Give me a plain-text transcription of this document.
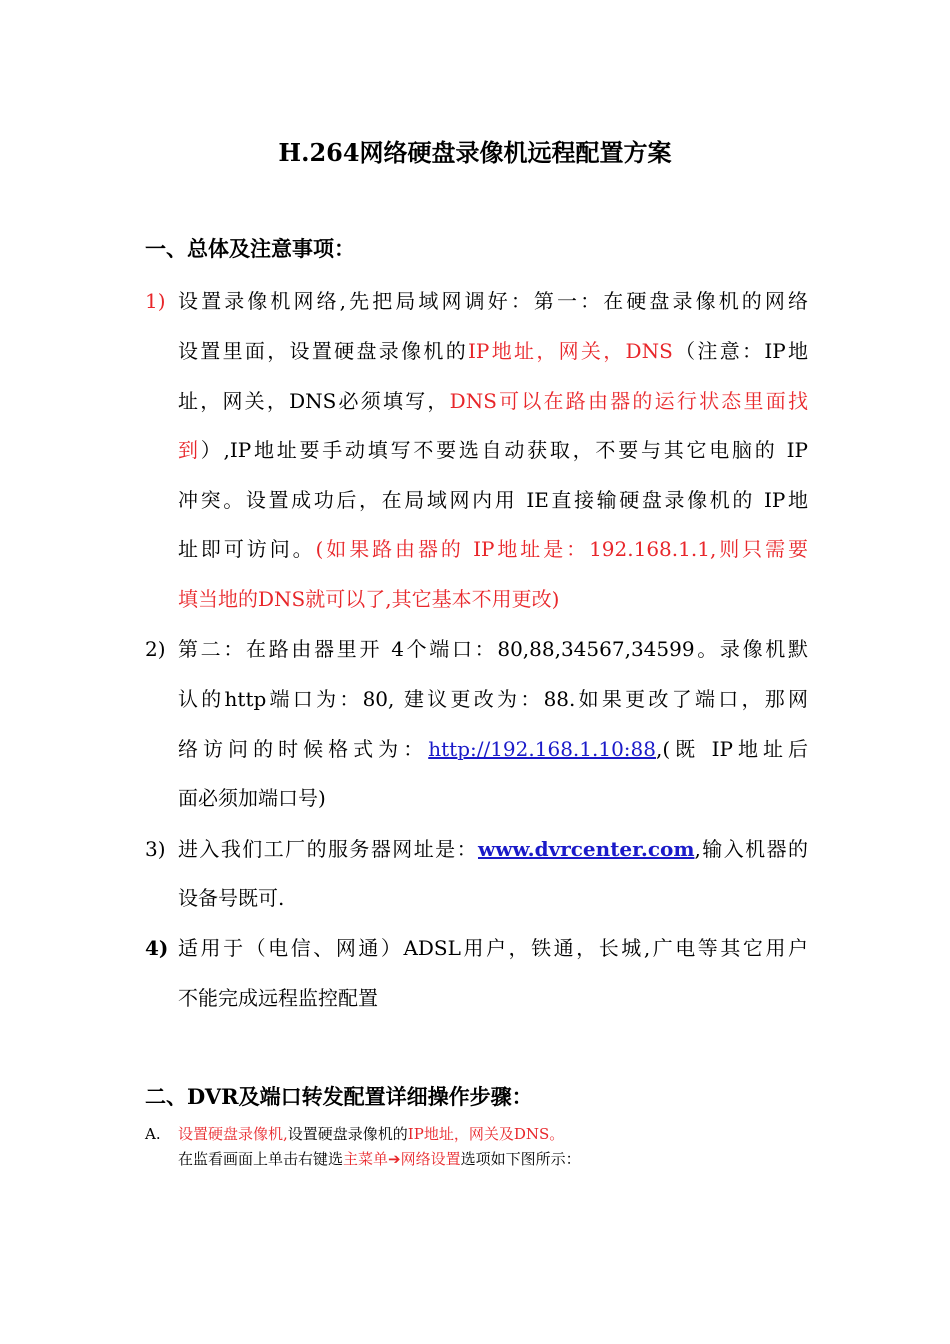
H.264网络硬盘录像机远程配置方案
一、总体及注意事项：
1) 设置录像机网络,先把局域网调好：第一：在硬盘录像机的网络
设置里面，设置硬盘录像机的IP地址，网关，DNS（注意：IP地
址，网关，DNS必须填写，DNS可以在路由器的运行状态里面找
到）,IP地址要手动填写不要选自动获取，不要与其它电脑的 IP
冲突。设置成功后，在局域网内用 IE直接输硬盘录像机的 IP地
址即可访问。(如果路由器的 IP地址是：192.168.1.1,则只需要
填当地的DNS就可以了,其它基本不用更改)
2) 第二：在路由器里开 4个端口：80,88,34567,34599。录像机默
认的http端口为：80, 建议更改为：88.如果更改了端口，那网
络访问的时候格式为：http://192.168.1.10:88,(既 IP地址后
面必须加端口号)
3) 进入我们工厂的服务器网址是：www.dvrcenter.com,输入机器的
设备号既可.
4) 适用于（电信、网通）ADSL用户，铁通，长城,广电等其它用户
不能完成远程监控配置
二、DVR及端口转发配置详细操作步骤：
A. 设置硬盘录像机,设置硬盘录像机的IP地址，网关及DNS。
在监看画面上单击右键选主菜单➔网络设置选项如下图所示：
